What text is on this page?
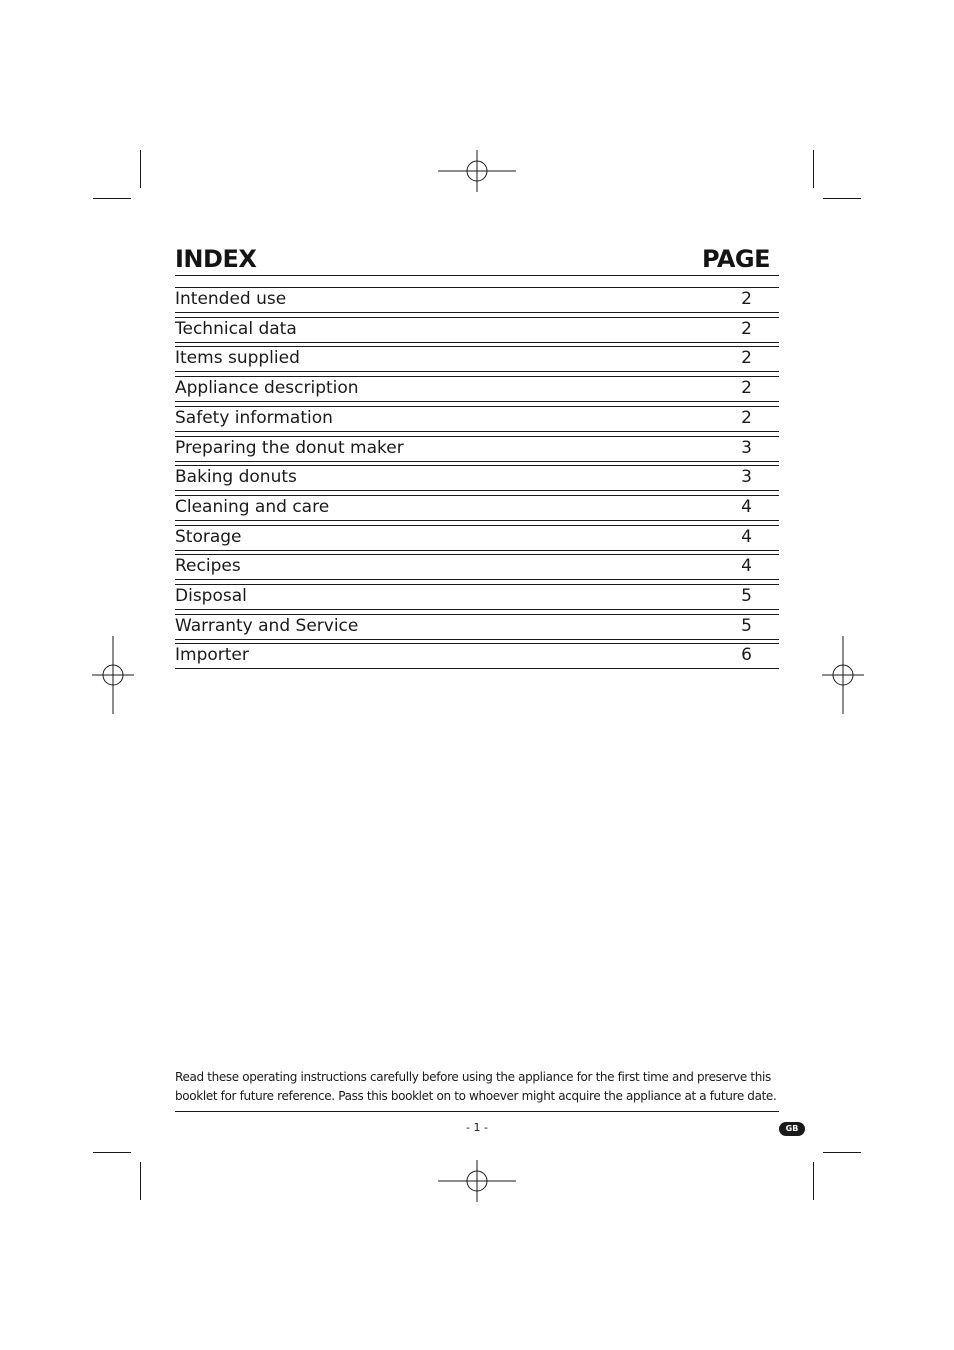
INDEX	PAGE
Intended use	2
Technical data	2
Items supplied	2
Appliance description	2
Safety information	2
Preparing the donut maker	3
Baking donuts	3
Cleaning and care	4
Storage	4
Recipes	4
Disposal	5
Warranty and Service	5
Importer	6
Read these operating instructions carefully before using the appliance for the first time and preserve this booklet for future reference. Pass this booklet on to whoever might acquire the appliance at a future date.
- 1 -	GB
